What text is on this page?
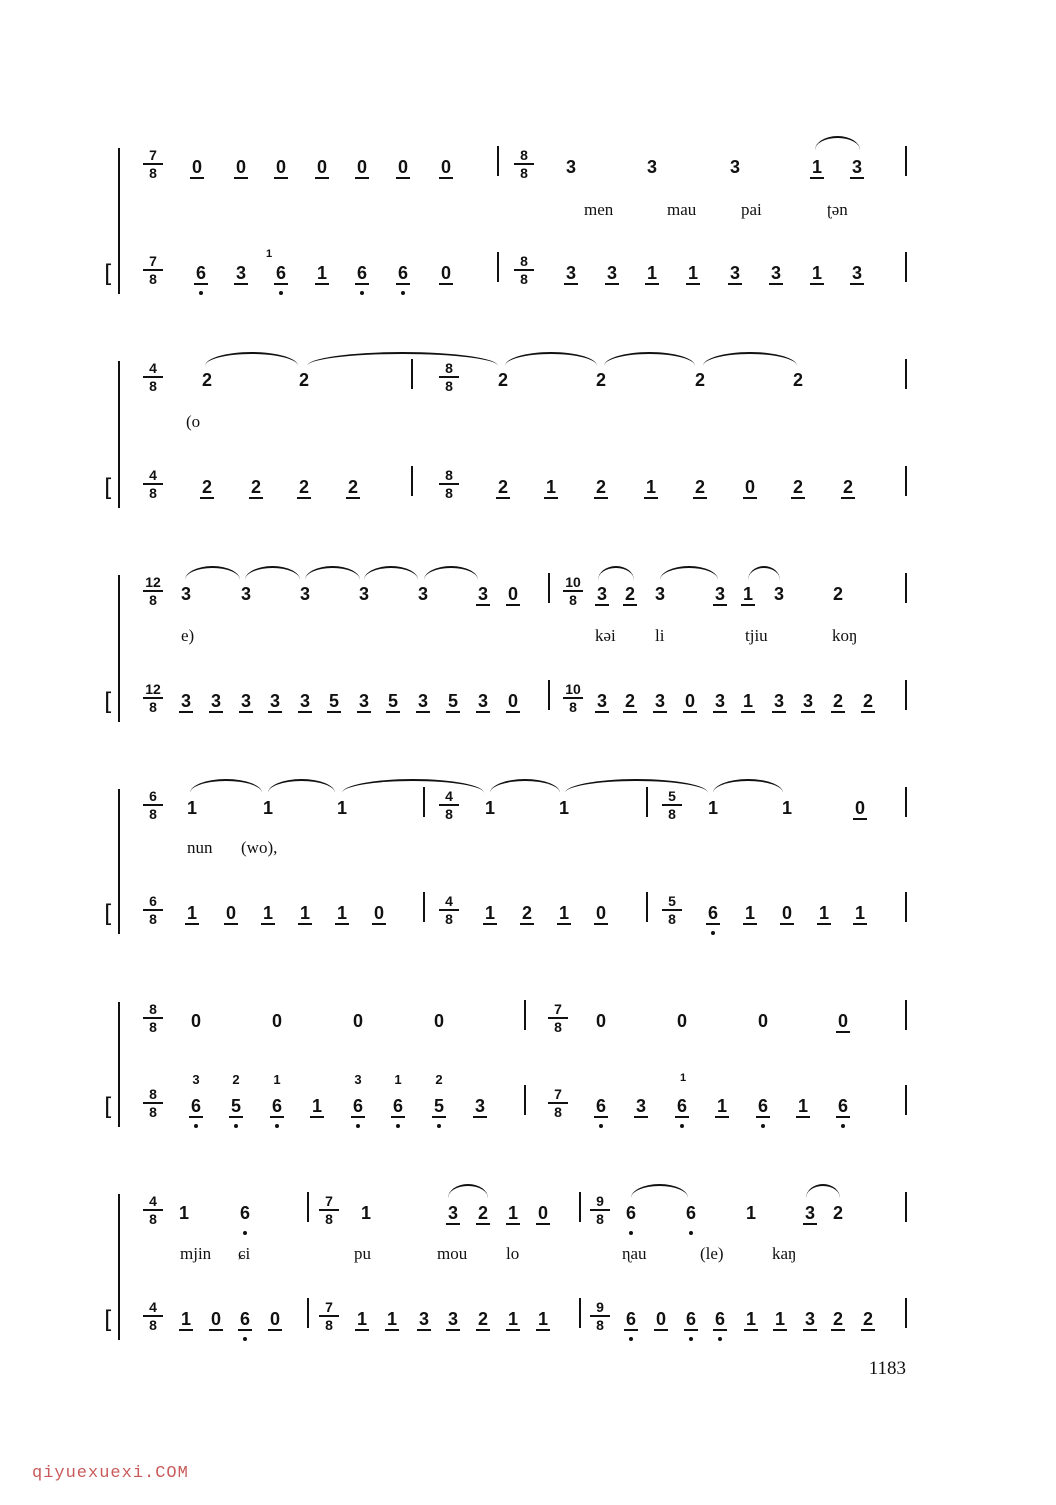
[
7
8
8
8
0	0	0	0	0	0	0	3	3	3	1	3
men	mau	pai	ʈən
7
8
8
8
6	3	6	1	6	6	0	3	3	1	1	3	3	1	3
1
[
4
8
8
8
2	2	2	2	2	2
(o
4
8
8
8
2	2	2	2	2	1	2	1	2	0	2	2
[
12
8
10
8
3	3	3	3	3	3	0	3 2	3	3 1	3	2
e)	kəi li	tjiu	koŋ
12
8
10
8
3	3	3	3	3	5	3	5	3	5	3	0	3 2	3	0	3 1	3	3	2	2
[
6
8
4
8
5
8
1	1	1	1	1	1	1	0
nun (wo),
6
8
4
8
5
8
1	0	1	1	1	0	1	2	1	0	6	1	0	1	1
[
8
8
7
8
0	0	0	0	0	0	0	0
8
8
7
8
6	5	6	1	6	6	5	3	6	3	6	1	6	1	6
3	2	1	3	1	2	1
[
4
8
7
8
9
8
1	6	1	3	2	1	0	6	6	1	3 2
mjin ɕi	pu	mou lo	ɳau	(le)	kaŋ
4
8
7
8
9
8
1	0	6	0	1	1	3	3	2	1	1	6	0	6	6	1	1	3 2	2
1183
qiyuexuexi.COM
